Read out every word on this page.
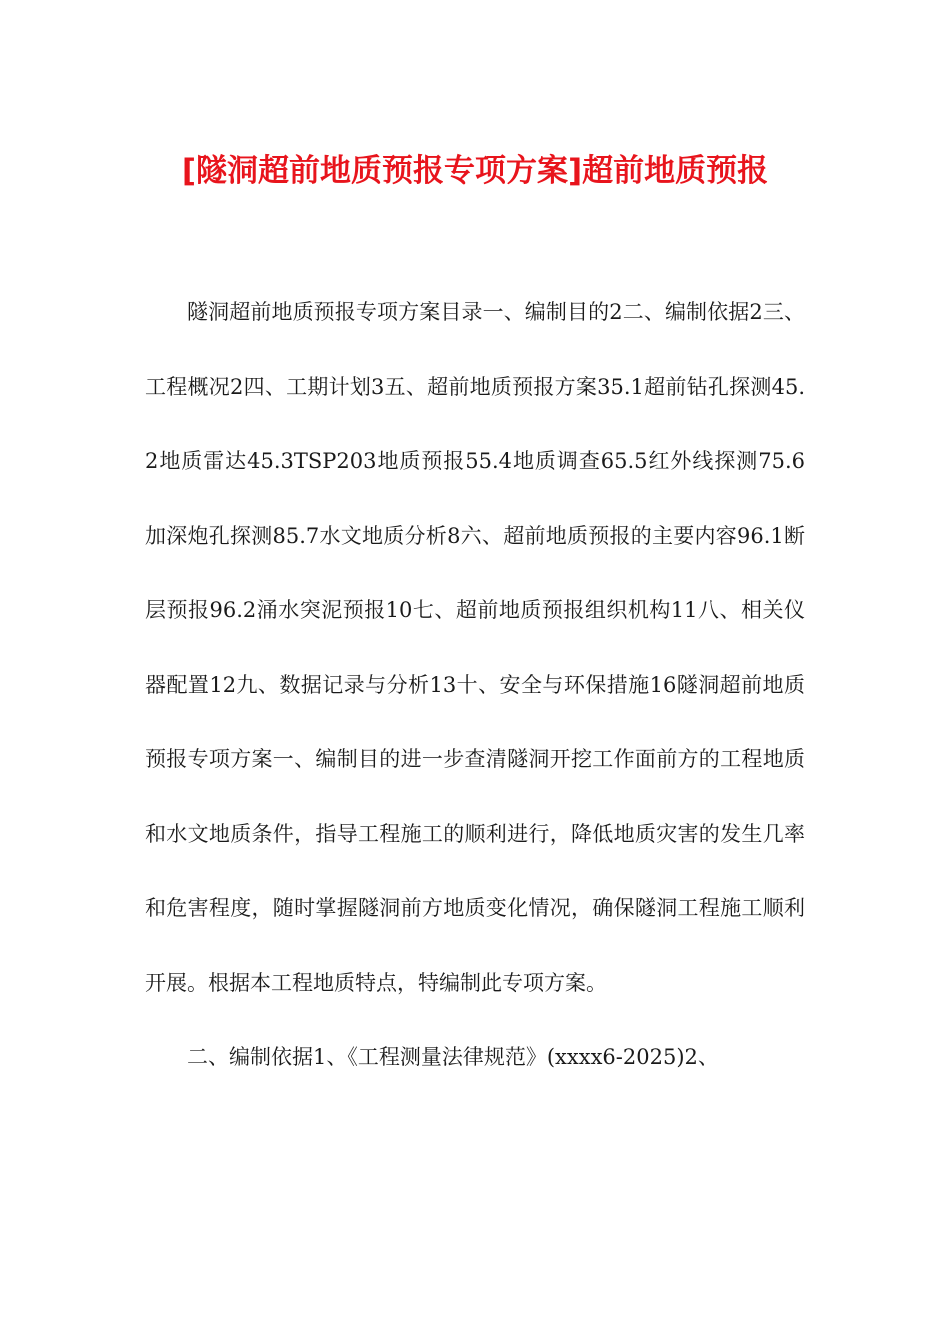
[隧洞超前地质预报专项方案]超前地质预报

隧洞超前地质预报专项方案目录一、编制目的2二、编制依据2三、工程概况2四、工期计划3五、超前地质预报方案35.1超前钻孔探测45.2地质雷达45.3TSP203地质预报55.4地质调查65.5红外线探测75.6加深炮孔探测85.7水文地质分析8六、超前地质预报的主要内容96.1断层预报96.2涌水突泥预报10七、超前地质预报组织机构11八、相关仪器配置12九、数据记录与分析13十、安全与环保措施16隧洞超前地质预报专项方案一、编制目的进一步查清隧洞开挖工作面前方的工程地质和水文地质条件，指导工程施工的顺利进行，降低地质灾害的发生几率和危害程度，随时掌握隧洞前方地质变化情况，确保隧洞工程施工顺利开展。根据本工程地质特点，特编制此专项方案。

二、编制依据1、《工程测量法律规范》(xxxx6-2025)2、
